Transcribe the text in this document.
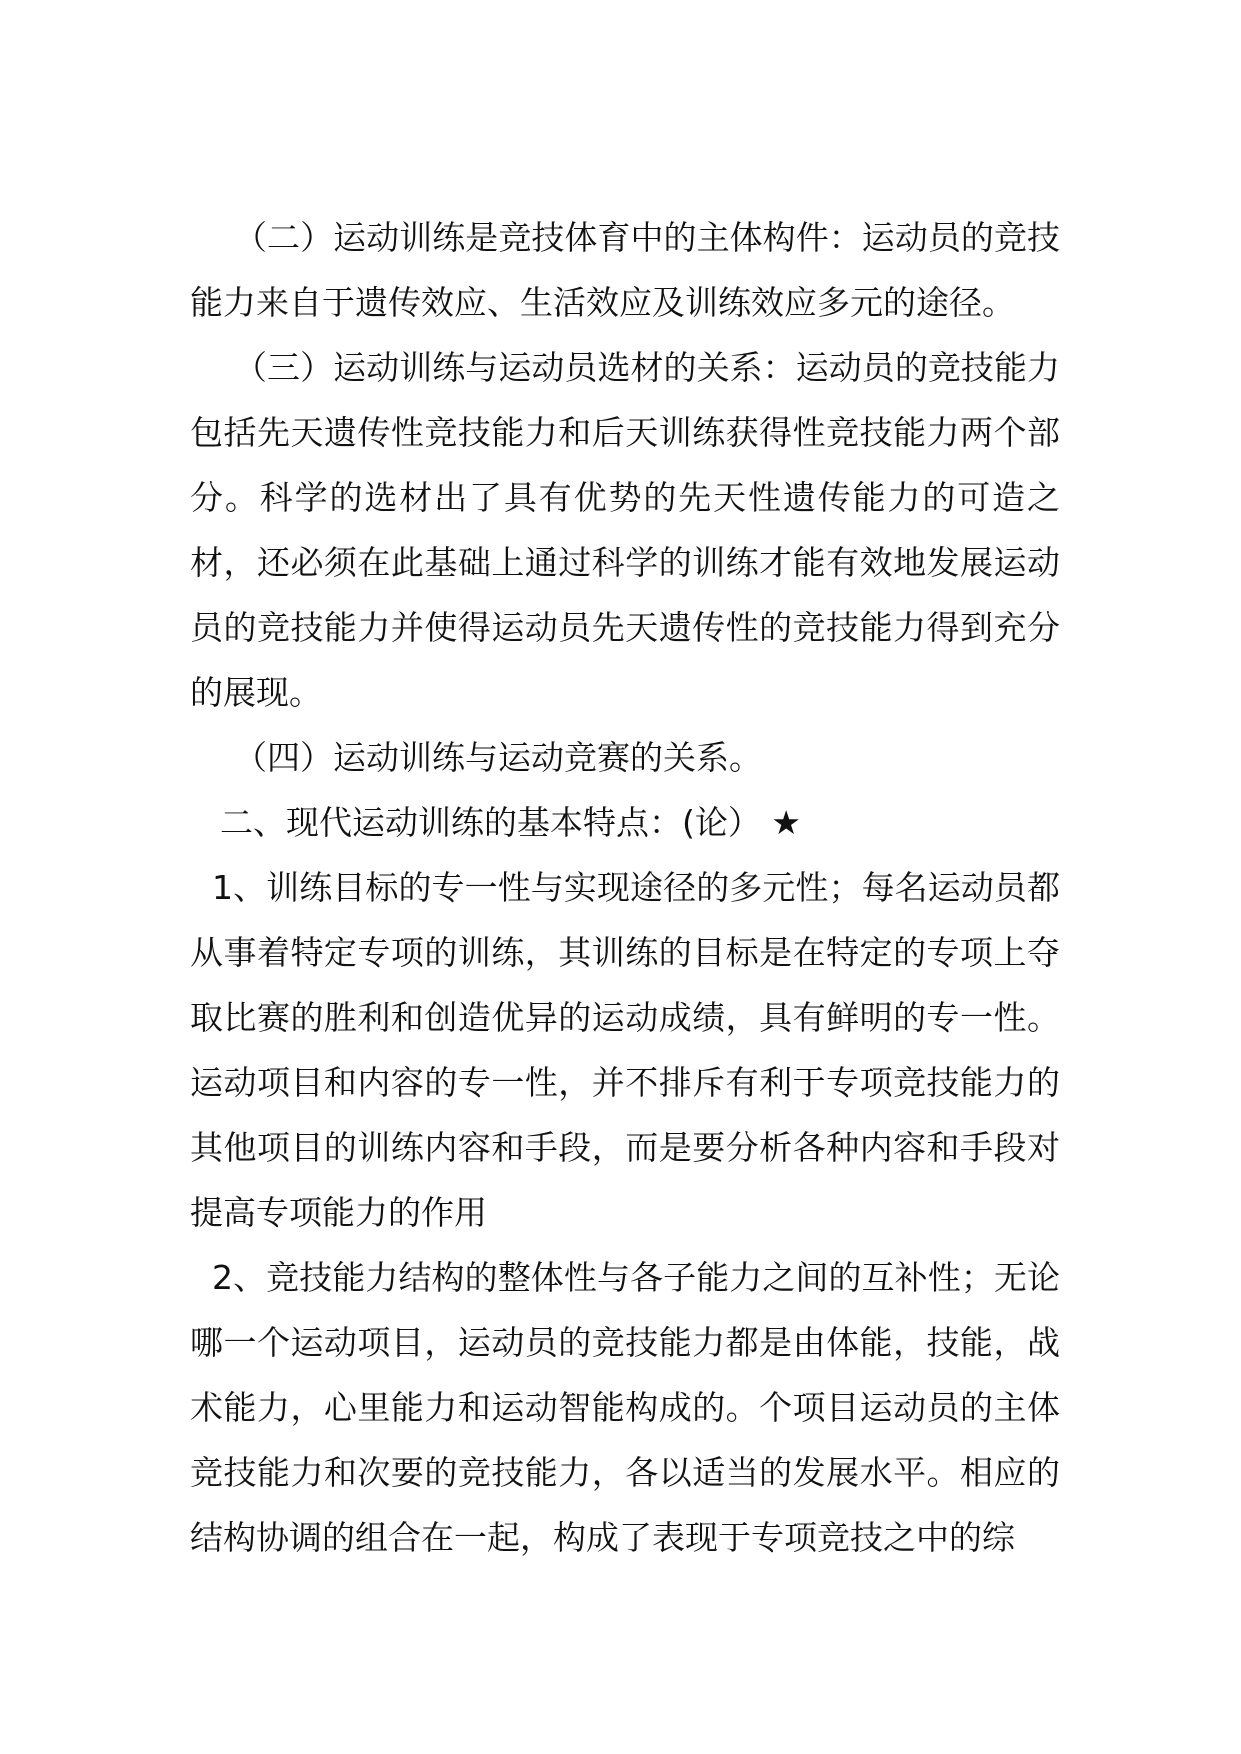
（二）运动训练是竞技体育中的主体构件：运动员的竞技能力来自于遗传效应、生活效应及训练效应多元的途径。

（三）运动训练与运动员选材的关系：运动员的竞技能力包括先天遗传性竞技能力和后天训练获得性竞技能力两个部分。科学的选材出了具有优势的先天性遗传能力的可造之材，还必须在此基础上通过科学的训练才能有效地发展运动员的竞技能力并使得运动员先天遗传性的竞技能力得到充分的展现。

（四）运动训练与运动竞赛的关系。

二、现代运动训练的基本特点：(论） ★

1、训练目标的专一性与实现途径的多元性；每名运动员都从事着特定专项的训练，其训练的目标是在特定的专项上夺取比赛的胜利和创造优异的运动成绩，具有鲜明的专一性。运动项目和内容的专一性，并不排斥有利于专项竞技能力的其他项目的训练内容和手段，而是要分析各种内容和手段对提高专项能力的作用

2、竞技能力结构的整体性与各子能力之间的互补性；无论哪一个运动项目，运动员的竞技能力都是由体能，技能，战术能力，心里能力和运动智能构成的。个项目运动员的主体竞技能力和次要的竞技能力，各以适当的发展水平。相应的结构协调的组合在一起，构成了表现于专项竞技之中的综
